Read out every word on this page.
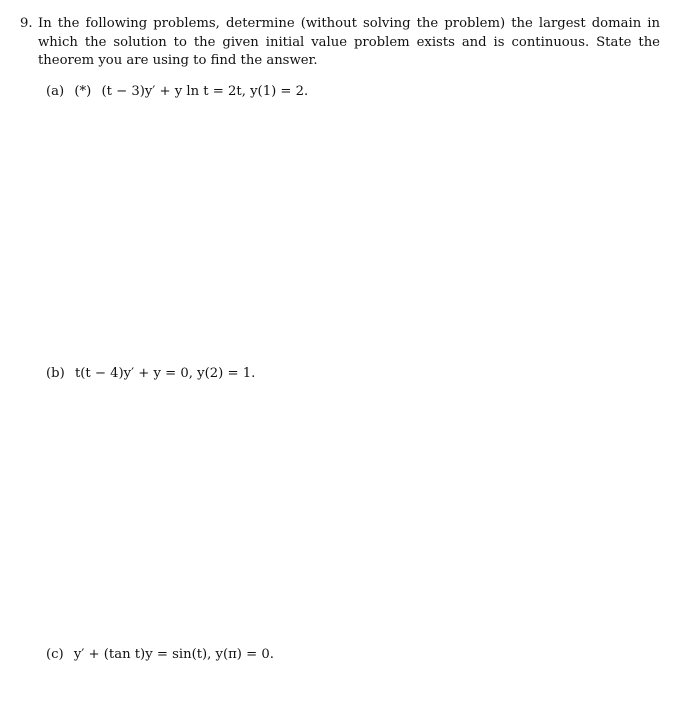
9. In the following problems, determine (without solving the problem) the largest domain in which the solution to the given initial value problem exists and is continuous. State the theorem you are using to find the answer.
(a) (*) (t − 3)y′ + y ln t = 2t, y(1) = 2.
(b) t(t − 4)y′ + y = 0, y(2) = 1.
(c) y′ + (tan t)y = sin(t), y(π) = 0.
